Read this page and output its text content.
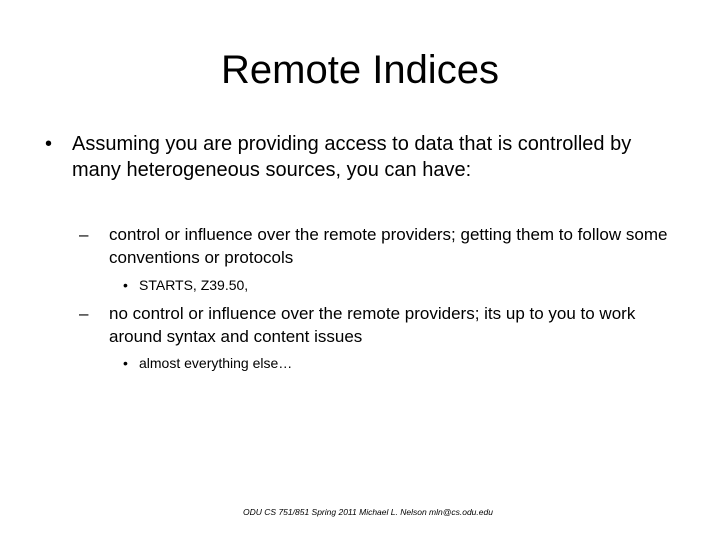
Remote Indices
• Assuming you are providing access to data that is controlled by many heterogeneous sources, you can have:
– control or influence over the remote providers; getting them to follow some conventions or protocols
• STARTS, Z39.50,
– no control or influence over the remote providers; its up to you to work around syntax and content issues
• almost everything else…
ODU CS 751/851 Spring 2011 Michael L. Nelson mln@cs.odu.edu
